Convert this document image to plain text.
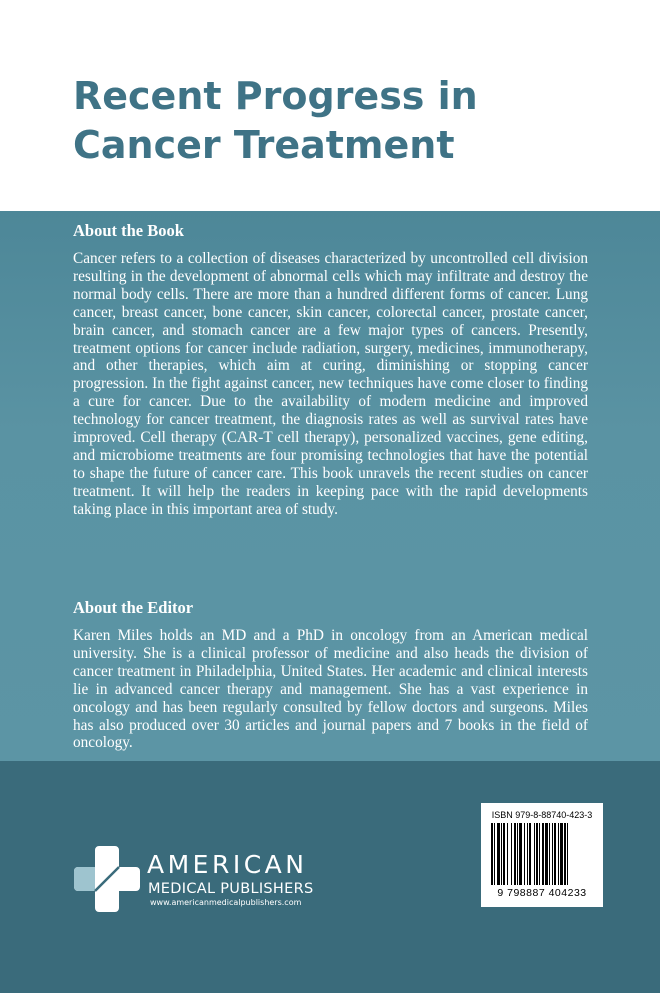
Recent Progress in Cancer Treatment
About the Book

Cancer refers to a collection of diseases characterized by uncontrolled cell division resulting in the development of abnormal cells which may infiltrate and destroy the normal body cells. There are more than a hundred different forms of cancer. Lung cancer, breast cancer, bone cancer, skin cancer, colorectal cancer, prostate cancer, brain cancer, and stomach cancer are a few major types of cancers. Presently, treatment options for cancer include radiation, surgery, medicines, immunotherapy, and other therapies, which aim at curing, diminishing or stopping cancer progression. In the fight against cancer, new techniques have come closer to finding a cure for cancer. Due to the availability of modern medicine and improved technology for cancer treatment, the diagnosis rates as well as survival rates have improved. Cell therapy (CAR-T cell therapy), personalized vaccines, gene editing, and microbiome treatments are four promising technologies that have the potential to shape the future of cancer care. This book unravels the recent studies on cancer treatment. It will help the readers in keeping pace with the rapid developments taking place in this important area of study.

About the Editor

Karen Miles holds an MD and a PhD in oncology from an American medical university. She is a clinical professor of medicine and also heads the division of cancer treatment in Philadelphia, United States. Her academic and clinical interests lie in advanced cancer therapy and management. She has a vast experience in oncology and has been regularly consulted by fellow doctors and surgeons. Miles has also produced over 30 articles and journal papers and 7 books in the field of oncology.

AMERICAN
MEDICAL PUBLISHERS
www.americanmedicalpublishers.com
ISBN 979-8-88740-423-3
9 798887 404233
